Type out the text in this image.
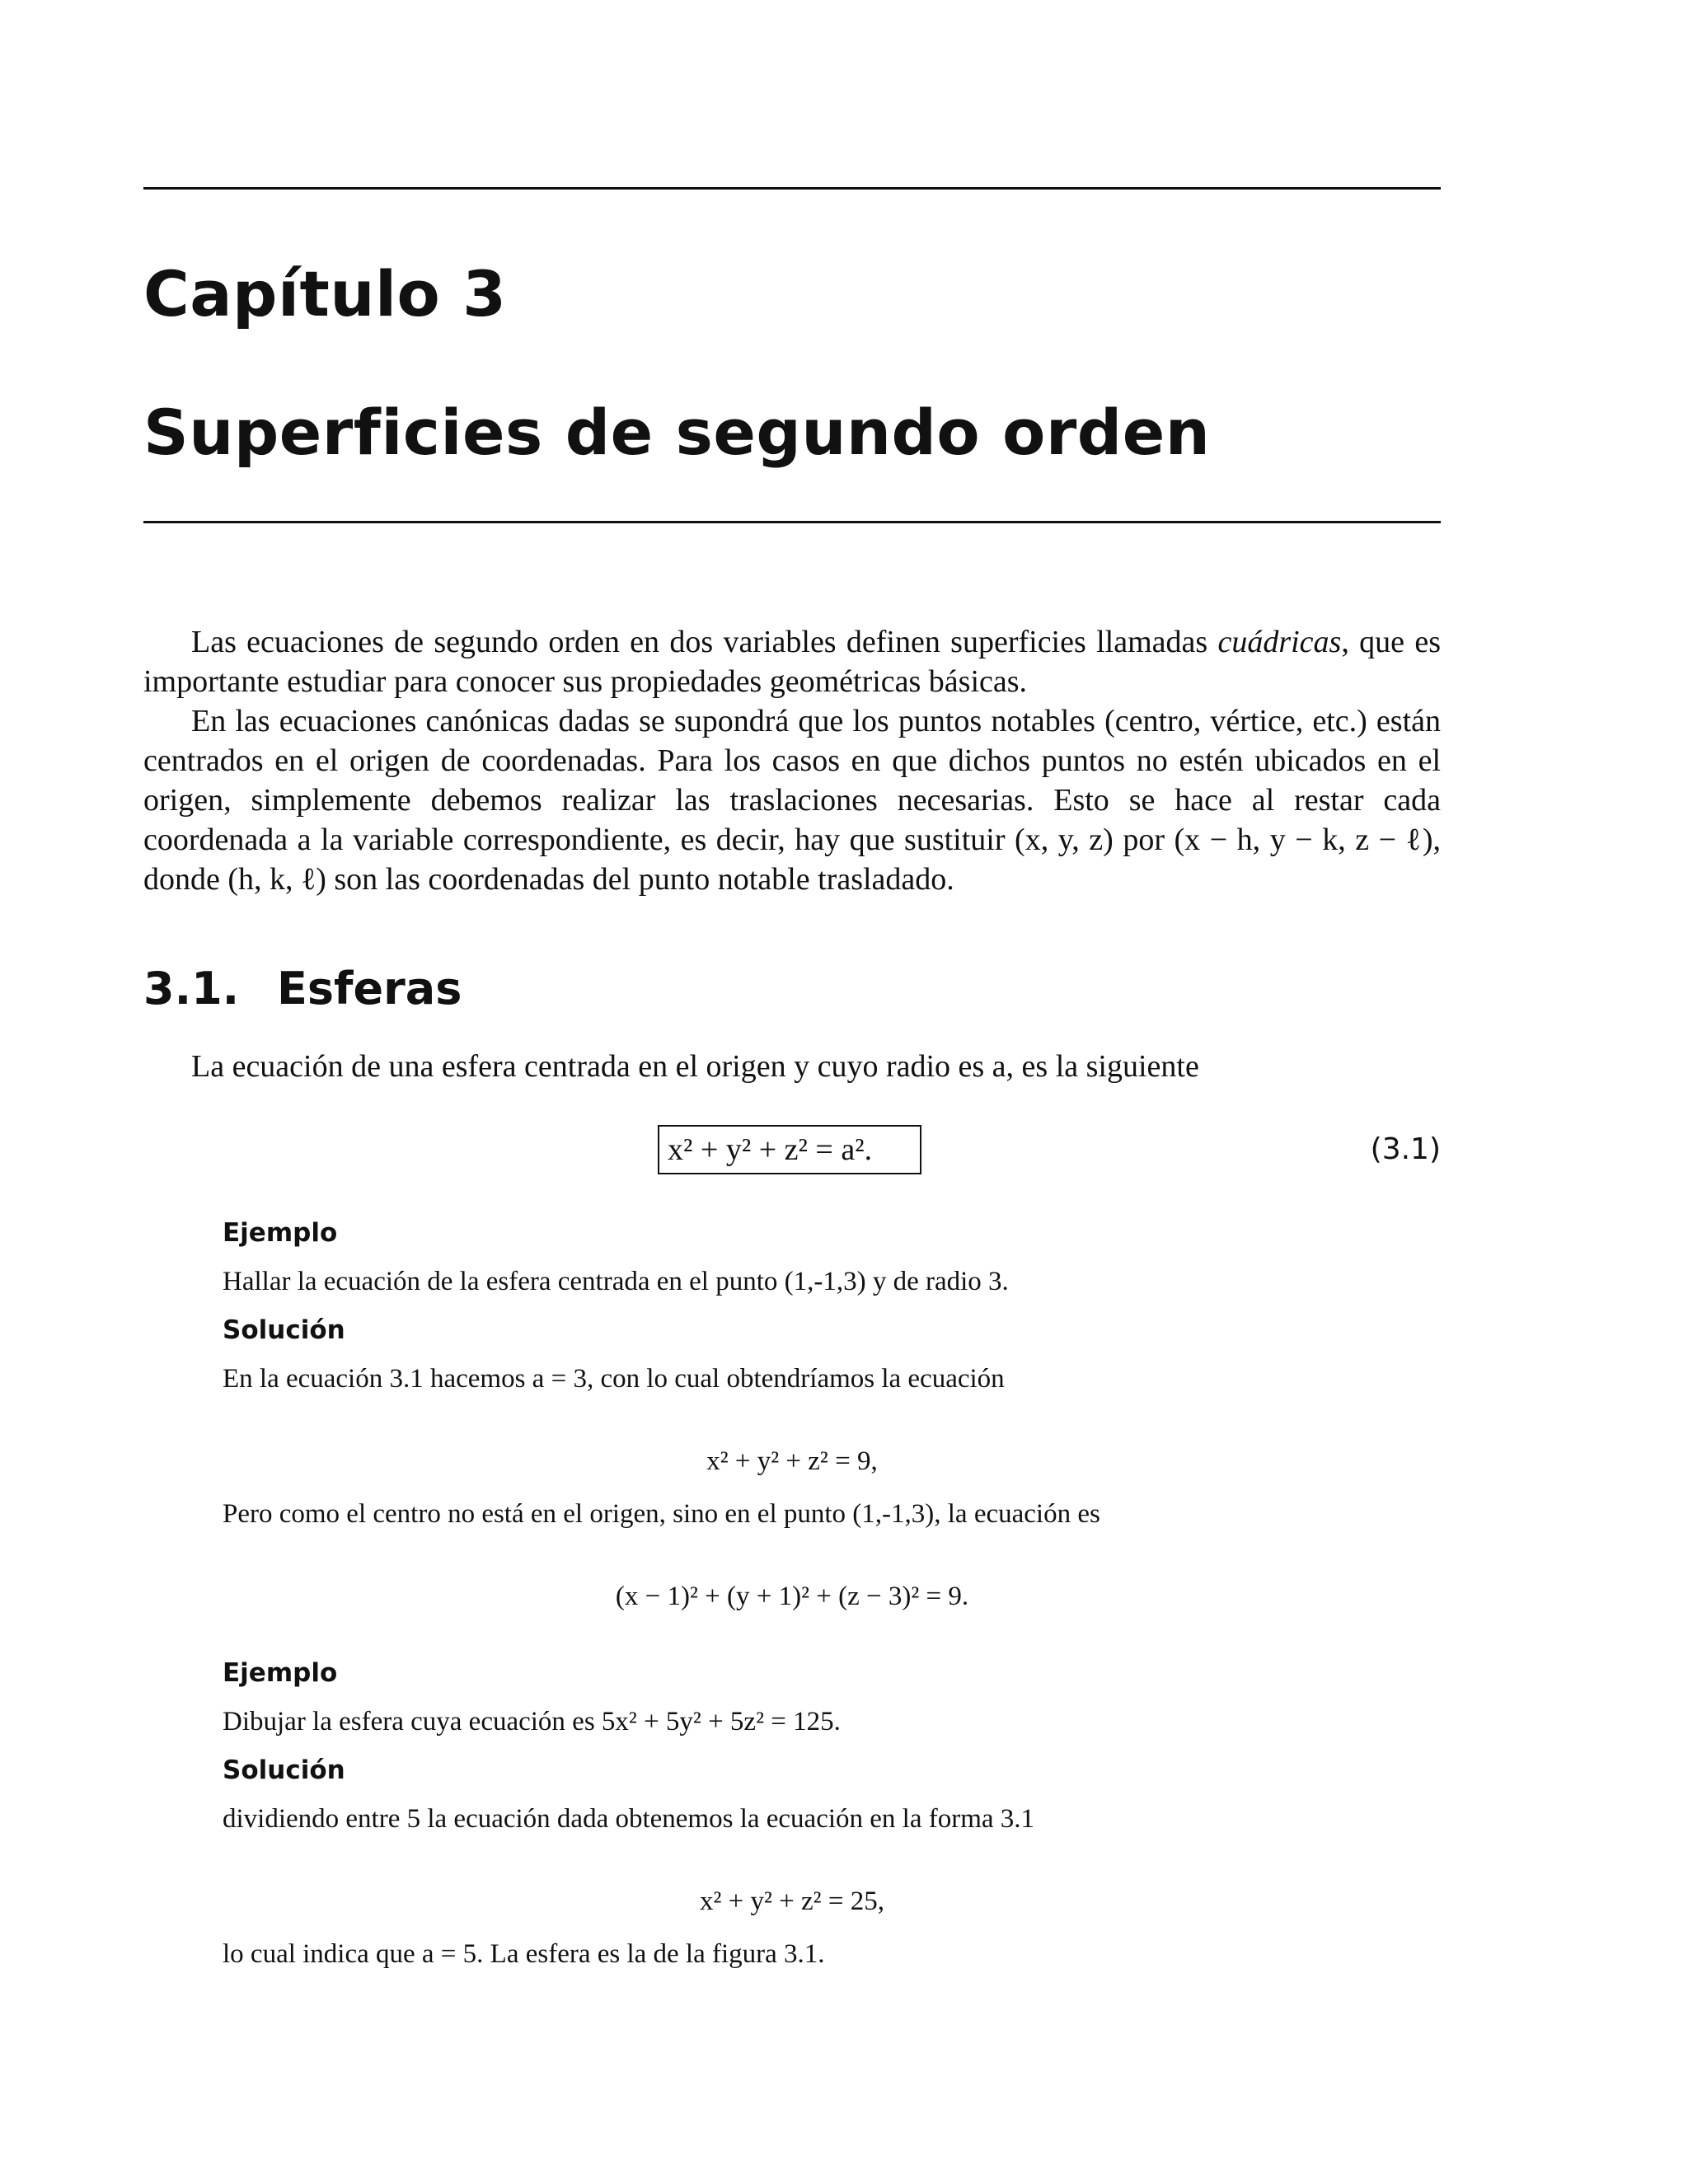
Capítulo 3
Superficies de segundo orden

Las ecuaciones de segundo orden en dos variables definen superficies llamadas cuádricas, que es importante estudiar para conocer sus propiedades geométricas básicas.

En las ecuaciones canónicas dadas se supondrá que los puntos notables (centro, vértice, etc.) están centrados en el origen de coordenadas. Para los casos en que dichos puntos no estén ubicados en el origen, simplemente debemos realizar las traslaciones necesarias. Esto se hace al restar cada coordenada a la variable correspondiente, es decir, hay que sustituir (x, y, z) por (x − h, y − k, z − ℓ), donde (h, k, ℓ) son las coordenadas del punto notable trasladado.

3.1. Esferas
La ecuación de una esfera centrada en el origen y cuyo radio es a, es la siguiente
x² + y² + z² = a².	(3.1)
Ejemplo
Hallar la ecuación de la esfera centrada en el punto (1,-1,3) y de radio 3.
Solución
En la ecuación 3.1 hacemos a = 3, con lo cual obtendríamos la ecuación
x² + y² + z² = 9,
Pero como el centro no está en el origen, sino en el punto (1,-1,3), la ecuación es
(x − 1)² + (y + 1)² + (z − 3)² = 9.
Ejemplo
Dibujar la esfera cuya ecuación es 5x² + 5y² + 5z² = 125.
Solución
dividiendo entre 5 la ecuación dada obtenemos la ecuación en la forma 3.1
x² + y² + z² = 25,
lo cual indica que a = 5. La esfera es la de la figura 3.1.
